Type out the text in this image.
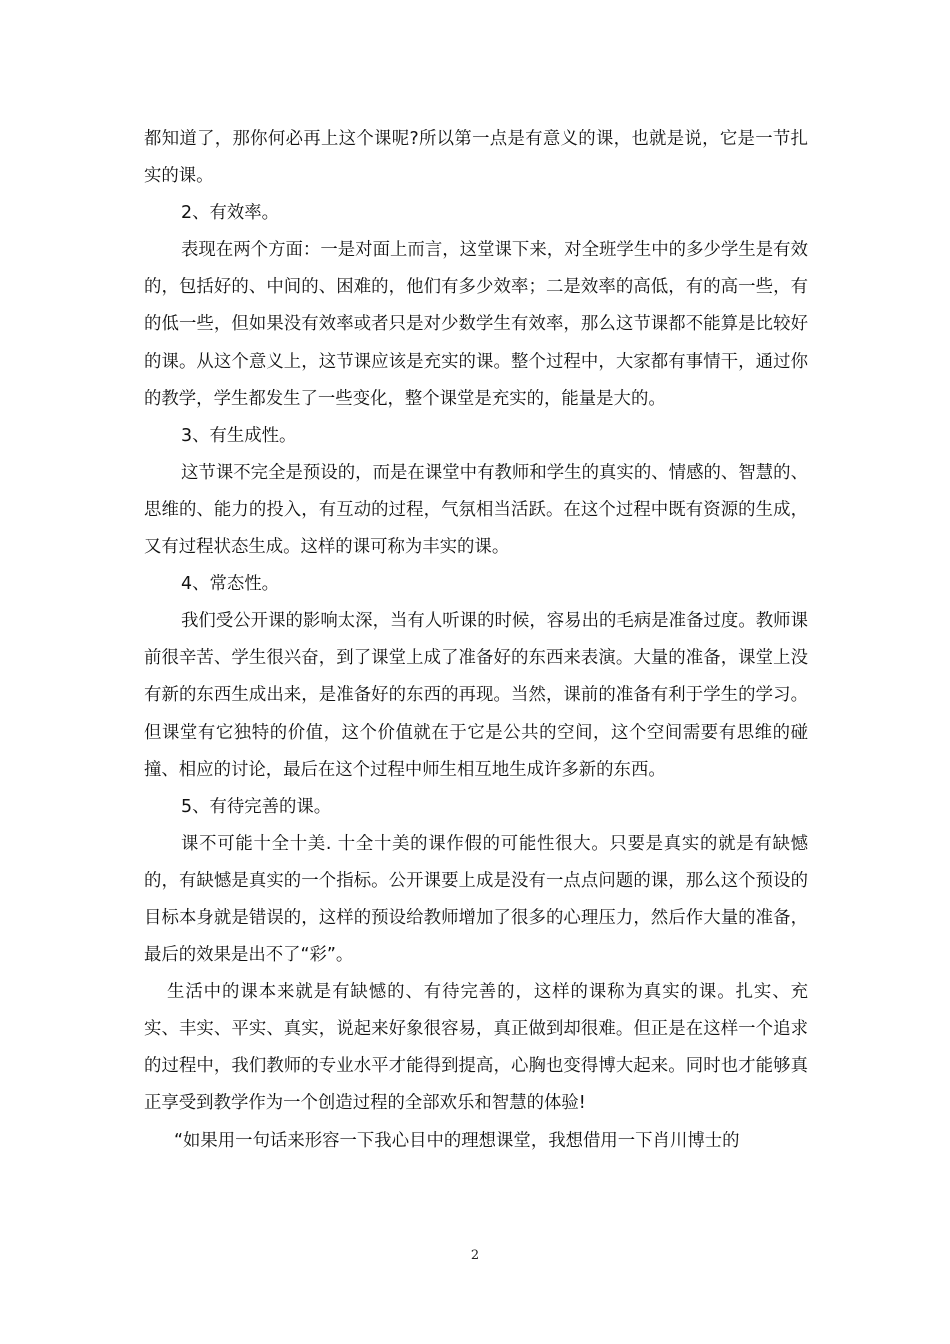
都知道了，那你何必再上这个课呢?所以第一点是有意义的课，也就是说，它是一节扎实的课。

2、有效率。

表现在两个方面：一是对面上而言，这堂课下来，对全班学生中的多少学生是有效的，包括好的、中间的、困难的，他们有多少效率；二是效率的高低，有的高一些，有的低一些，但如果没有效率或者只是对少数学生有效率，那么这节课都不能算是比较好的课。从这个意义上，这节课应该是充实的课。整个过程中，大家都有事情干，通过你的教学，学生都发生了一些变化，整个课堂是充实的，能量是大的。

3、有生成性。

这节课不完全是预设的，而是在课堂中有教师和学生的真实的、情感的、智慧的、思维的、能力的投入，有互动的过程，气氛相当活跃。在这个过程中既有资源的生成，又有过程状态生成。这样的课可称为丰实的课。

4、常态性。

我们受公开课的影响太深，当有人听课的时候，容易出的毛病是准备过度。教师课前很辛苦、学生很兴奋，到了课堂上成了准备好的东西来表演。大量的准备，课堂上没有新的东西生成出来，是准备好的东西的再现。当然，课前的准备有利于学生的学习。但课堂有它独特的价值，这个价值就在于它是公共的空间，这个空间需要有思维的碰撞、相应的讨论，最后在这个过程中师生相互地生成许多新的东西。

5、有待完善的课。

课不可能十全十美. 十全十美的课作假的可能性很大。只要是真实的就是有缺憾的，有缺憾是真实的一个指标。公开课要上成是没有一点点问题的课，那么这个预设的目标本身就是错误的，这样的预设给教师增加了很多的心理压力，然后作大量的准备，最后的效果是出不了“彩”。

生活中的课本来就是有缺憾的、有待完善的，这样的课称为真实的课。扎实、充实、丰实、平实、真实，说起来好象很容易，真正做到却很难。但正是在这样一个追求的过程中，我们教师的专业水平才能得到提高，心胸也变得博大起来。同时也才能够真正享受到教学作为一个创造过程的全部欢乐和智慧的体验!

“如果用一句话来形容一下我心目中的理想课堂，我想借用一下肖川博士的

2
